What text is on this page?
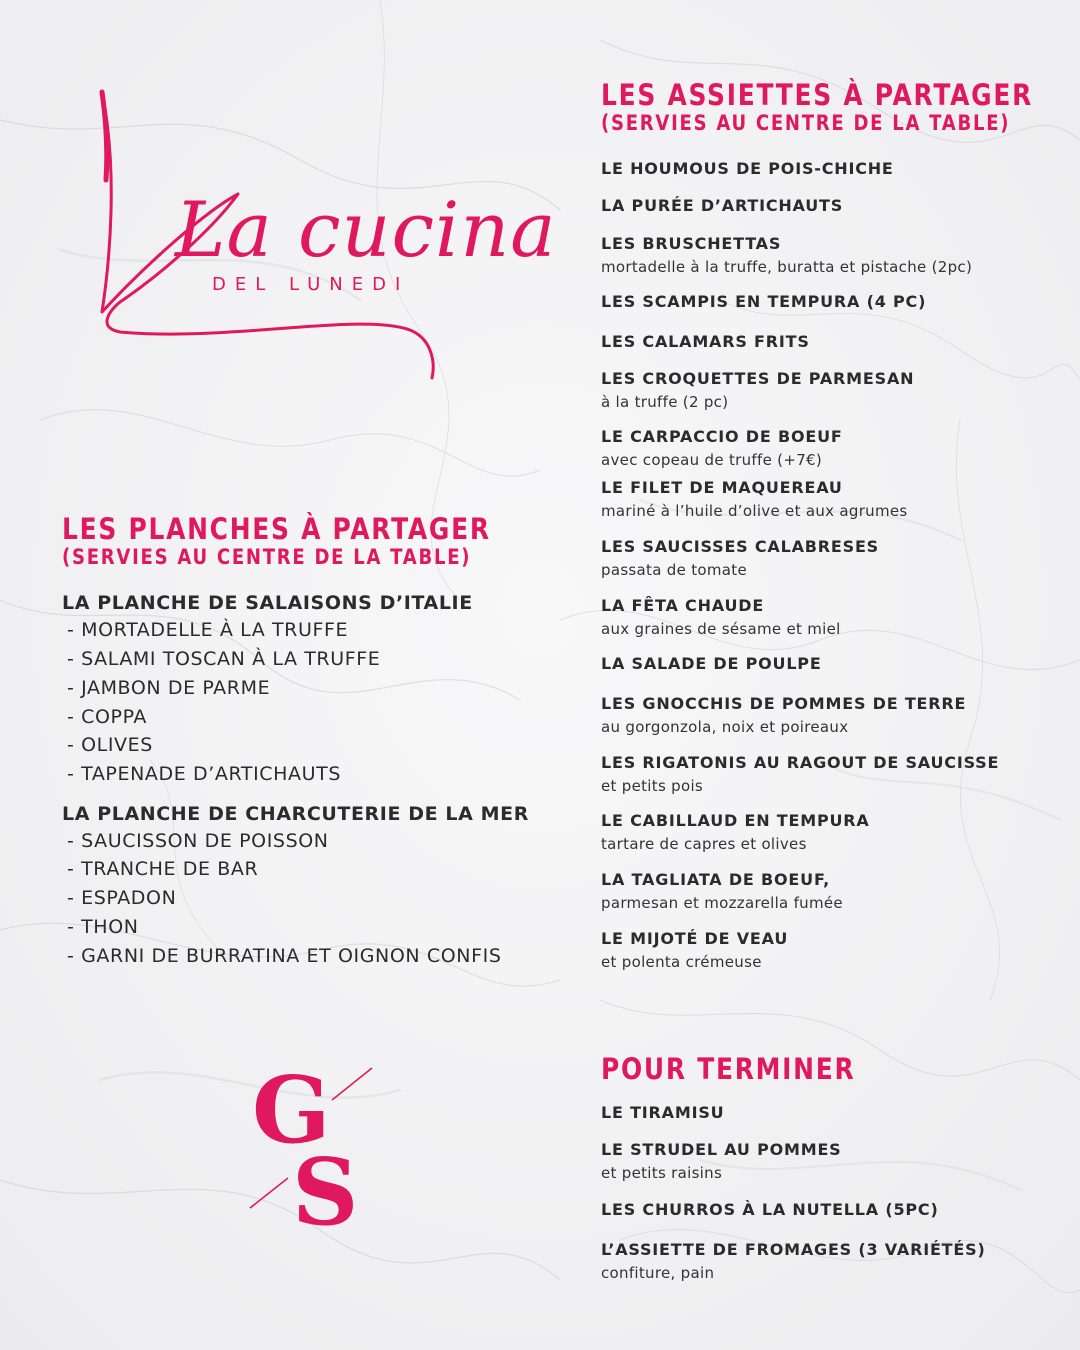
La cucina
DEL LUNEDI
LES PLANCHES À PARTAGER
(SERVIES AU CENTRE DE LA TABLE)
LA PLANCHE DE SALAISONS D’ITALIE
- MORTADELLE À LA TRUFFE
- SALAMI TOSCAN À LA TRUFFE
- JAMBON DE PARME
- COPPA
- OLIVES
- TAPENADE D’ARTICHAUTS
LA PLANCHE DE CHARCUTERIE DE LA MER
- SAUCISSON DE POISSON
- TRANCHE DE BAR
- ESPADON
- THON
- GARNI DE BURRATINA ET OIGNON CONFIS
G
S
LES ASSIETTES À PARTAGER
(SERVIES AU CENTRE DE LA TABLE)
LE HOUMOUS DE POIS-CHICHE
LA PURÉE D’ARTICHAUTS
LES BRUSCHETTAS
mortadelle à la truffe, buratta et pistache (2pc)
LES SCAMPIS EN TEMPURA (4 PC)
LES CALAMARS FRITS
LES CROQUETTES DE PARMESAN
à la truffe (2 pc)
LE CARPACCIO DE BOEUF
avec copeau de truffe (+7€)
LE FILET DE MAQUEREAU
mariné à l’huile d’olive et aux agrumes
LES SAUCISSES CALABRESES
passata de tomate
LA FÊTA CHAUDE
aux graines de sésame et miel
LA SALADE DE POULPE
LES GNOCCHIS DE POMMES DE TERRE
au gorgonzola, noix et poireaux
LES RIGATONIS AU RAGOUT DE SAUCISSE
et petits pois
LE CABILLAUD EN TEMPURA
tartare de capres et olives
LA TAGLIATA DE BOEUF,
parmesan et mozzarella fumée
LE MIJOTÉ DE VEAU
et polenta crémeuse
POUR TERMINER
LE TIRAMISU
LE STRUDEL AU POMMES
et petits raisins
LES CHURROS À LA NUTELLA (5PC)
L’ASSIETTE DE FROMAGES (3 VARIÉTÉS)
confiture, pain
